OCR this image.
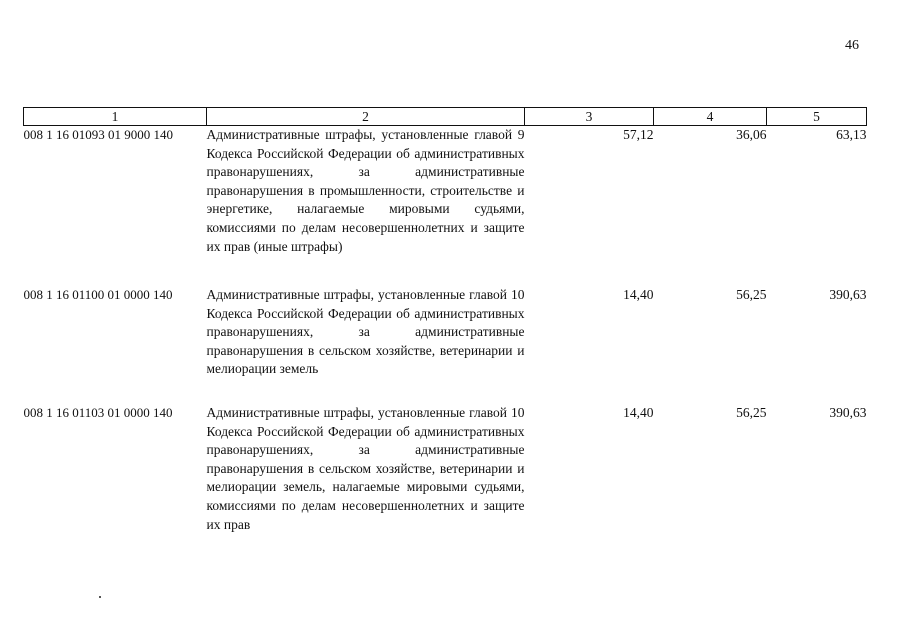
46
1	2	3	4	5
008 1 16 01093 01 9000 140	Административные штрафы, установленные главой 9 Кодекса Российской Федерации об административных правонарушениях, за административные правонарушения в промышленности, строительстве и энергетике, налагаемые мировыми судьями, комиссиями по делам несовершеннолетних и защите их прав (иные штрафы)	57,12	36,06	63,13
008 1 16 01100 01 0000 140	Административные штрафы, установленные главой 10 Кодекса Российской Федерации об административных правонарушениях, за административные правонарушения в сельском хозяйстве, ветеринарии и мелиорации земель	14,40	56,25	390,63
008 1 16 01103 01 0000 140	Административные штрафы, установленные главой 10 Кодекса Российской Федерации об административных правонарушениях, за административные правонарушения в сельском хозяйстве, ветеринарии и мелиорации земель, налагаемые мировыми судьями, комиссиями по делам несовершеннолетних и защите их прав	14,40	56,25	390,63
